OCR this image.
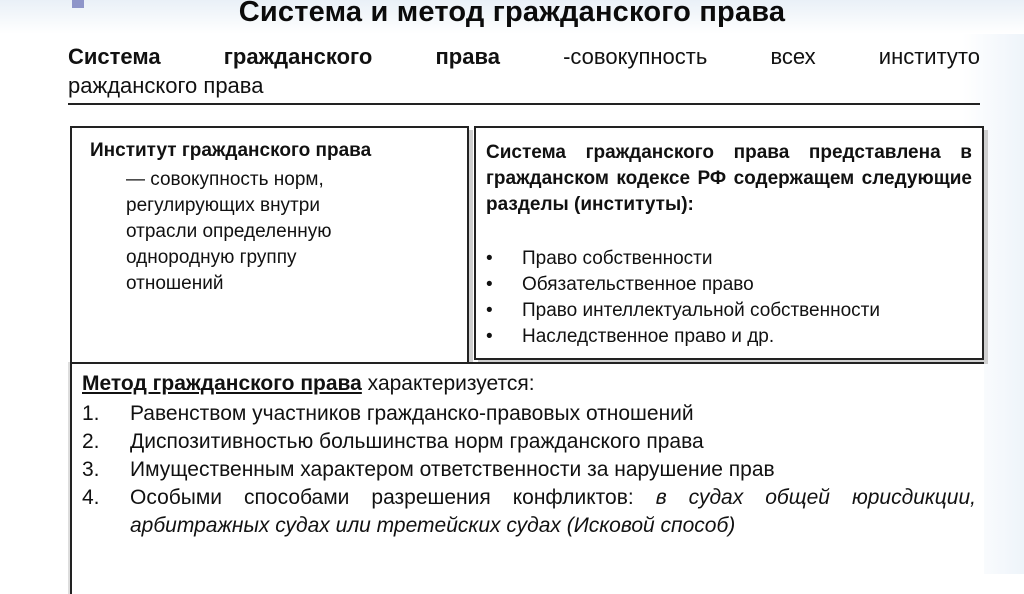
Система и метод гражданского права
Система	гражданского	права	-совокупность	всех	институто
ражданского права
Институт гражданского права
— совокупность норм,
регулирующих внутри
отрасли определенную
однородную группу
отношений
Система гражданского права представлена в гражданском кодексе РФ содержащем следующие разделы (институты):
•	Право собственности
•	Обязательственное право
•	Право интеллектуальной собственности
•	Наследственное право и др.
Метод гражданского права характеризуется:
1.	Равенством участников гражданско-правовых отношений
2.	Диспозитивностью большинства норм гражданского права
3.	Имущественным характером ответственности за нарушение прав
4.	Особыми способами разрешения конфликтов: в судах общей юрисдикции, арбитражных судах или третейских судах (Исковой способ)
